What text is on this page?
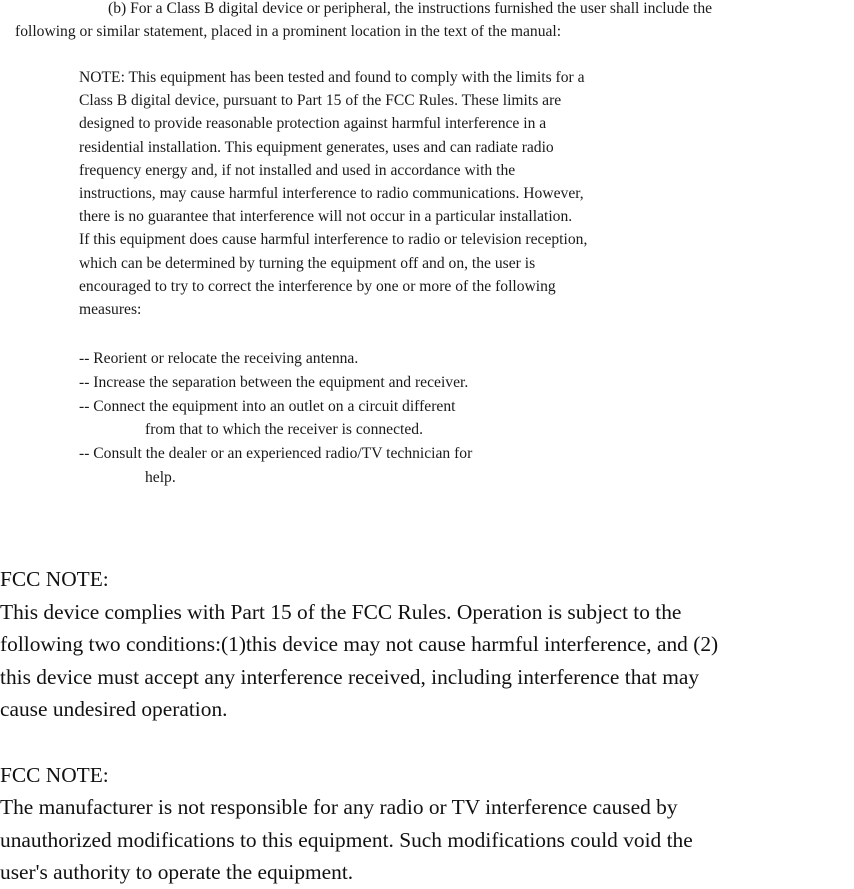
(b) For a Class B digital device or peripheral, the instructions furnished the user shall include the
following or similar statement, placed in a prominent location in the text of the manual:
NOTE: This equipment has been tested and found to comply with the limits for a
Class B digital device, pursuant to Part 15 of the FCC Rules. These limits are
designed to provide reasonable protection against harmful interference in a
residential installation. This equipment generates, uses and can radiate radio
frequency energy and, if not installed and used in accordance with the
instructions, may cause harmful interference to radio communications. However,
there is no guarantee that interference will not occur in a particular installation.
If this equipment does cause harmful interference to radio or television reception,
which can be determined by turning the equipment off and on, the user is
encouraged to try to correct the interference by one or more of the following
measures:
-- Reorient or relocate the receiving antenna.
-- Increase the separation between the equipment and receiver.
-- Connect the equipment into an outlet on a circuit different
from that to which the receiver is connected.
-- Consult the dealer or an experienced radio/TV technician for
help.
FCC NOTE:
This device complies with Part 15 of the FCC Rules. Operation is subject to the
following two conditions:(1)this device may not cause harmful interference, and (2)
this device must accept any interference received, including interference that may
cause undesired operation.
FCC NOTE:
The manufacturer is not responsible for any radio or TV interference caused by
unauthorized modifications to this equipment. Such modifications could void the
user's authority to operate the equipment.
